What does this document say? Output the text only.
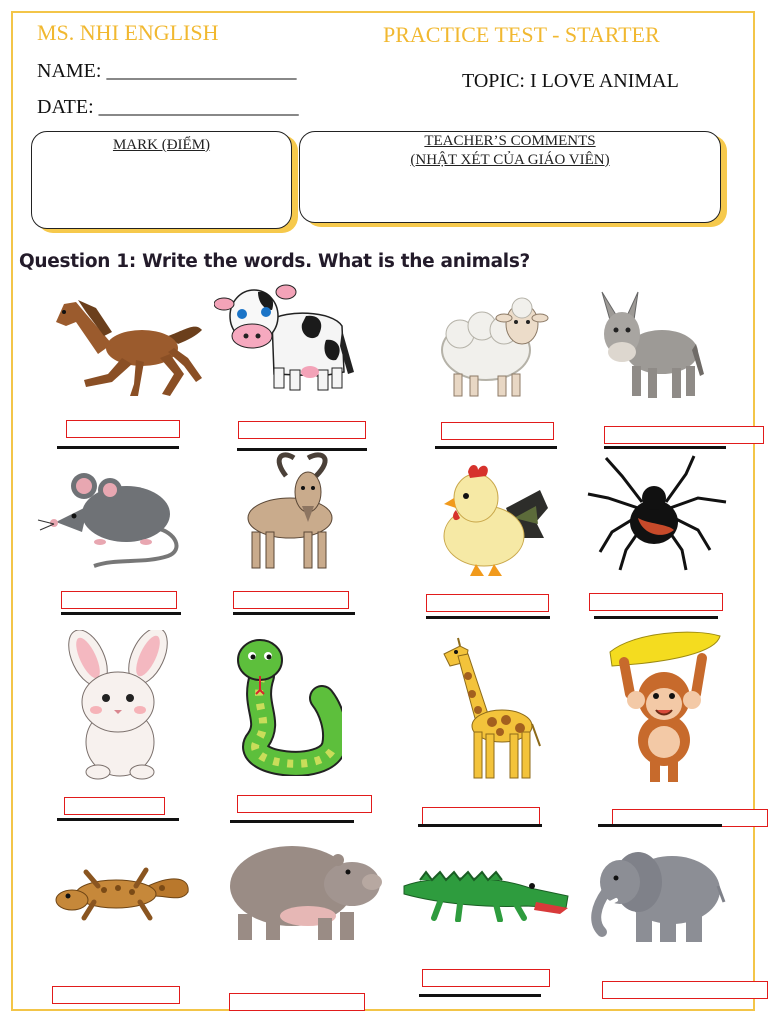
MS. NHI ENGLISH	PRACTICE TEST - STARTER
NAME: ___________________
DATE: ____________________
TOPIC: I LOVE ANIMAL
MARK (ĐIỂM)	TEACHER’S COMMENTS
(NHẬT XÉT CỦA GIÁO VIÊN)
Question 1: Write the words. What is the animals?
